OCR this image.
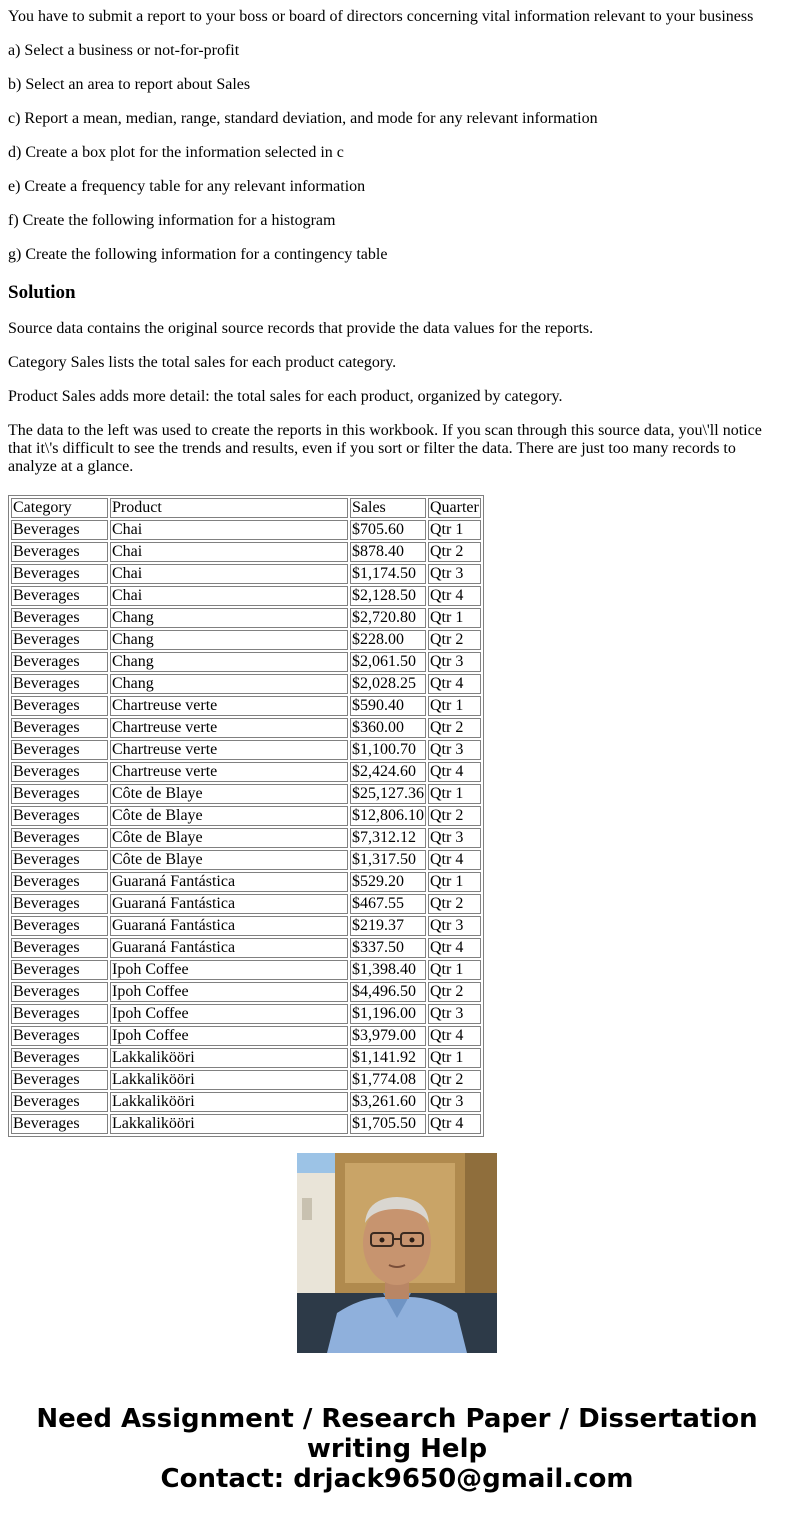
You have to submit a report to your boss or board of directors concerning vital information relevant to your business

a) Select a business or not-for-profit

b) Select an area to report about Sales

c) Report a mean, median, range, standard deviation, and mode for any relevant information

d) Create a box plot for the information selected in c

e) Create a frequency table for any relevant information

f) Create the following information for a histogram

g) Create the following information for a contingency table

Solution

Source data contains the original source records that provide the data values for the reports.

Category Sales lists the total sales for each product category.

Product Sales adds more detail: the total sales for each product, organized by category.

The data to the left was used to create the reports in this workbook. If you scan through this source data, you\'ll notice that it\'s difficult to see the trends and results, even if you sort or filter the data. There are just too many records to analyze at a glance.

Category	Product	Sales	Quarter
Beverages	Chai	$705.60	Qtr 1
Beverages	Chai	$878.40	Qtr 2
Beverages	Chai	$1,174.50	Qtr 3
Beverages	Chai	$2,128.50	Qtr 4
Beverages	Chang	$2,720.80	Qtr 1
Beverages	Chang	$228.00	Qtr 2
Beverages	Chang	$2,061.50	Qtr 3
Beverages	Chang	$2,028.25	Qtr 4
Beverages	Chartreuse verte	$590.40	Qtr 1
Beverages	Chartreuse verte	$360.00	Qtr 2
Beverages	Chartreuse verte	$1,100.70	Qtr 3
Beverages	Chartreuse verte	$2,424.60	Qtr 4
Beverages	Côte de Blaye	$25,127.36	Qtr 1
Beverages	Côte de Blaye	$12,806.10	Qtr 2
Beverages	Côte de Blaye	$7,312.12	Qtr 3
Beverages	Côte de Blaye	$1,317.50	Qtr 4
Beverages	Guaraná Fantástica	$529.20	Qtr 1
Beverages	Guaraná Fantástica	$467.55	Qtr 2
Beverages	Guaraná Fantástica	$219.37	Qtr 3
Beverages	Guaraná Fantástica	$337.50	Qtr 4
Beverages	Ipoh Coffee	$1,398.40	Qtr 1
Beverages	Ipoh Coffee	$4,496.50	Qtr 2
Beverages	Ipoh Coffee	$1,196.00	Qtr 3
Beverages	Ipoh Coffee	$3,979.00	Qtr 4
Beverages	Lakkalikööri	$1,141.92	Qtr 1
Beverages	Lakkalikööri	$1,774.08	Qtr 2
Beverages	Lakkalikööri	$3,261.60	Qtr 3
Beverages	Lakkalikööri	$1,705.50	Qtr 4
Need Assignment / Research Paper / Dissertation
writing Help
Contact: drjack9650@gmail.com
